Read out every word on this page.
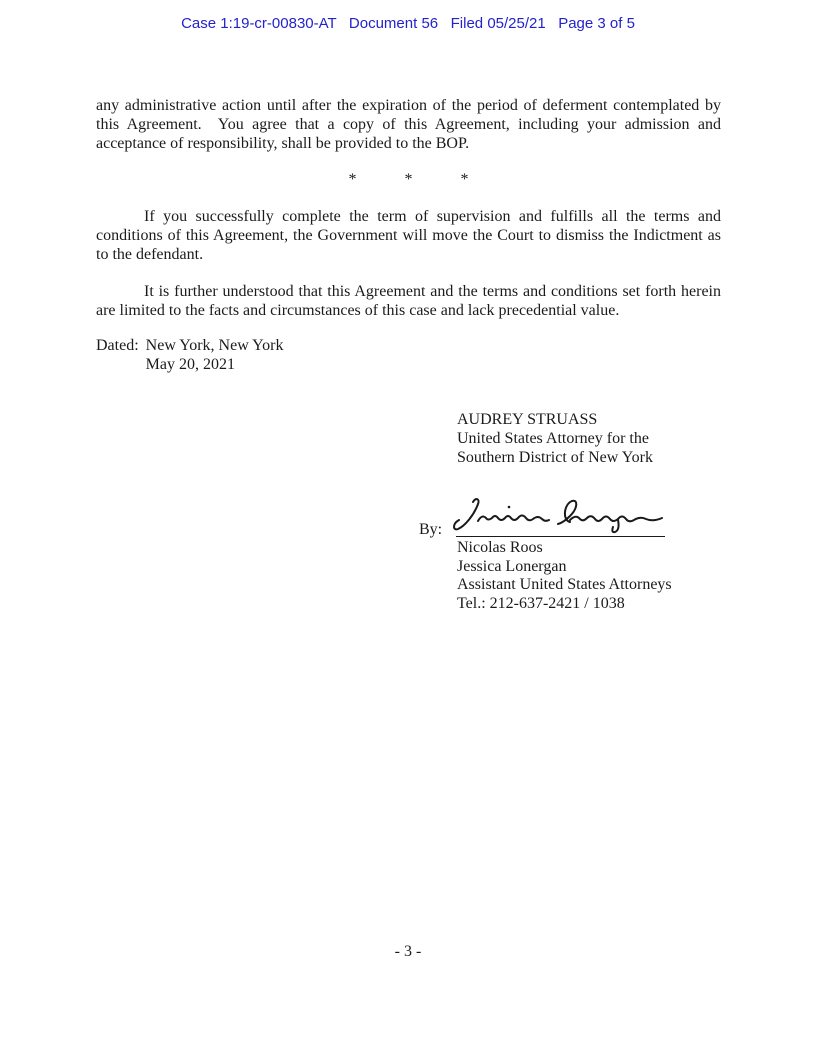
Case 1:19-cr-00830-AT   Document 56   Filed 05/25/21   Page 3 of 5

any administrative action until after the expiration of the period of deferment contemplated by this Agreement.  You agree that a copy of this Agreement, including your admission and acceptance of responsibility, shall be provided to the BOP.

*   *   *

If you successfully complete the term of supervision and fulfills all the terms and conditions of this Agreement, the Government will move the Court to dismiss the Indictment as to the defendant.

It is further understood that this Agreement and the terms and conditions set forth herein are limited to the facts and circumstances of this case and lack precedential value.

Dated: New York, New York
May 20, 2021
AUDREY STRUASS
United States Attorney for the
Southern District of New York
By:
Nicolas Roos
Jessica Lonergan
Assistant United States Attorneys
Tel.: 212-637-2421 / 1038
- 3 -
